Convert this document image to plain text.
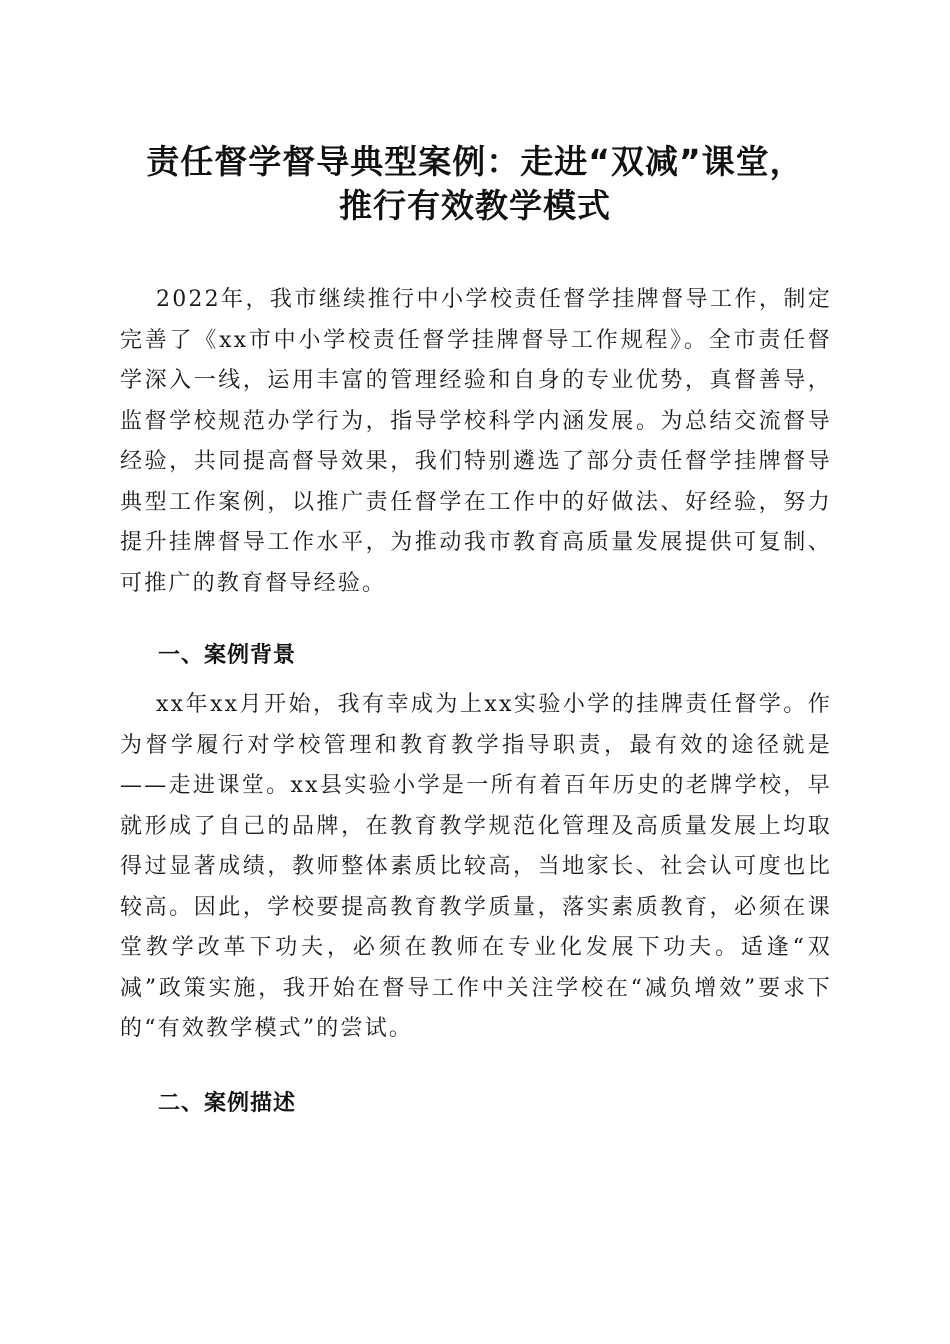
责任督学督导典型案例：走进“双减”课堂，
推行有效教学模式

2022年，我市继续推行中小学校责任督学挂牌督导工作，制定完善了《xx市中小学校责任督学挂牌督导工作规程》。全市责任督学深入一线，运用丰富的管理经验和自身的专业优势，真督善导，监督学校规范办学行为，指导学校科学内涵发展。为总结交流督导经验，共同提高督导效果，我们特别遴选了部分责任督学挂牌督导典型工作案例，以推广责任督学在工作中的好做法、好经验，努力提升挂牌督导工作水平，为推动我市教育高质量发展提供可复制、可推广的教育督导经验。

一、案例背景

xx年xx月开始，我有幸成为上xx实验小学的挂牌责任督学。作为督学履行对学校管理和教育教学指导职责，最有效的途径就是——走进课堂。xx县实验小学是一所有着百年历史的老牌学校，早就形成了自己的品牌，在教育教学规范化管理及高质量发展上均取得过显著成绩，教师整体素质比较高，当地家长、社会认可度也比较高。因此，学校要提高教育教学质量，落实素质教育，必须在课堂教学改革下功夫，必须在教师在专业化发展下功夫。适逢“双减”政策实施，我开始在督导工作中关注学校在“减负增效”要求下的“有效教学模式”的尝试。

二、案例描述
